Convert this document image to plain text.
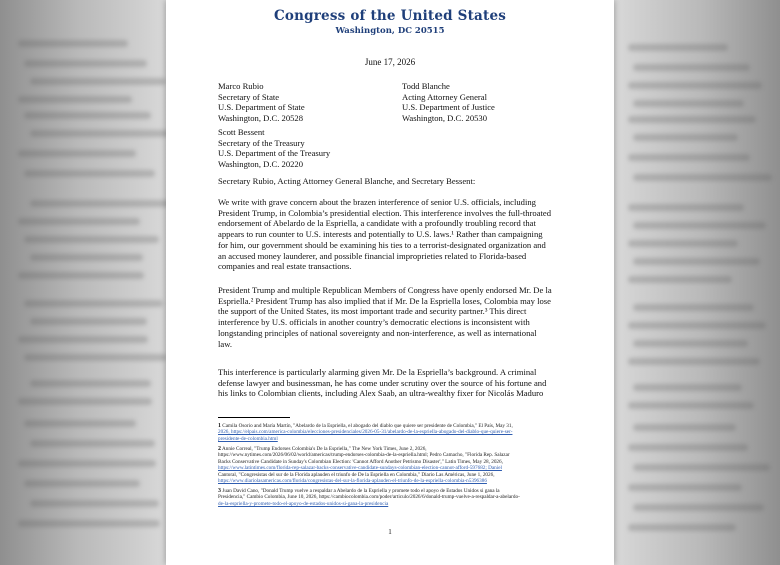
Congress of the United States
Washington, DC 20515
June 17, 2026
Marco Rubio
Secretary of State
U.S. Department of State
Washington, D.C. 20528
Todd Blanche
Acting Attorney General
U.S. Department of Justice
Washington, D.C. 20530
Scott Bessent
Secretary of the Treasury
U.S. Department of the Treasury
Washington, D.C. 20220
Secretary Rubio, Acting Attorney General Blanche, and Secretary Bessent:
We write with grave concern about the brazen interference of senior U.S. officials, including
President Trump, in Colombia’s presidential election. This interference involves the full-throated
endorsement of Abelardo de la Espriella, a candidate with a profoundly troubling record that
appears to run counter to U.S. interests and potentially to U.S. laws.¹ Rather than campaigning
for him, our government should be examining his ties to a terrorist-designated organization and
an accused money launderer, and possible financial improprieties related to Florida-based
companies and real estate transactions.
President Trump and multiple Republican Members of Congress have openly endorsed Mr. De la
Espriella.² President Trump has also implied that if Mr. De la Espriella loses, Colombia may lose
the support of the United States, its most important trade and security partner.³ This direct
interference by U.S. officials in another country’s democratic elections is inconsistent with
longstanding principles of national sovereignty and non-interference, as well as international
law.
This interference is particularly alarming given Mr. De la Espriella’s background. A criminal
defense lawyer and businessman, he has come under scrutiny over the source of his fortune and
his links to Colombian clients, including Alex Saab, an ultra-wealthy fixer for Nicolás Maduro
1 Camila Osorio and María Martín, "Abelardo de la Espriella, el abogado del diablo que quiere ser presidente de Colombia," El País, May 31,
2026, https://elpais.com/america-colombia/elecciones-presidenciales/2026-05-31/abelardo-de-la-espriella-abogado-del-diablo-que-quiere-ser-
presidente-de-colombia.html
2 Annie Correal, "Trump Endorses Colombia's De la Espriella," The New York Times, June 2, 2026,
https://www.nytimes.com/2026/06/02/world/americas/trump-endorses-colombia-de-la-espriella.html; Pedro Camacho, "Florida Rep. Salazar
Backs Conservative Candidate in Sunday's Colombian Election: 'Cannot Afford Another Petrismo Disaster'," Latin Times, May 28, 2026,
https://www.latintimes.com/florida-rep-salazar-backs-conservative-candidate-sundays-colombian-election-cannot-afford-597682; Daniel
Cantoral, "Congresistas del sur de la Florida aplauden el triunfo de De la Espriella en Colombia," Diario Las Américas, June 1, 2026,
https://www.diariolasamericas.com/florida/congresistas-del-sur-la-florida-aplauden-el-triunfo-de-la-espriella-colombia-n5396386
3 Juan David Cano, "Donald Trump vuelve a respaldar a Abelardo de la Espriella y promete todo el apoyo de Estados Unidos si gana la
Presidencia," Cambio Colombia, June 10, 2026, https://cambiocolombia.com/poder/articulo/2026/6/donald-trump-vuelve-a-respaldar-a-abelardo-
de-la-espriella-y-promete-todo-el-apoyo-de-estados-unidos-si-gana-la-presidencia
1
